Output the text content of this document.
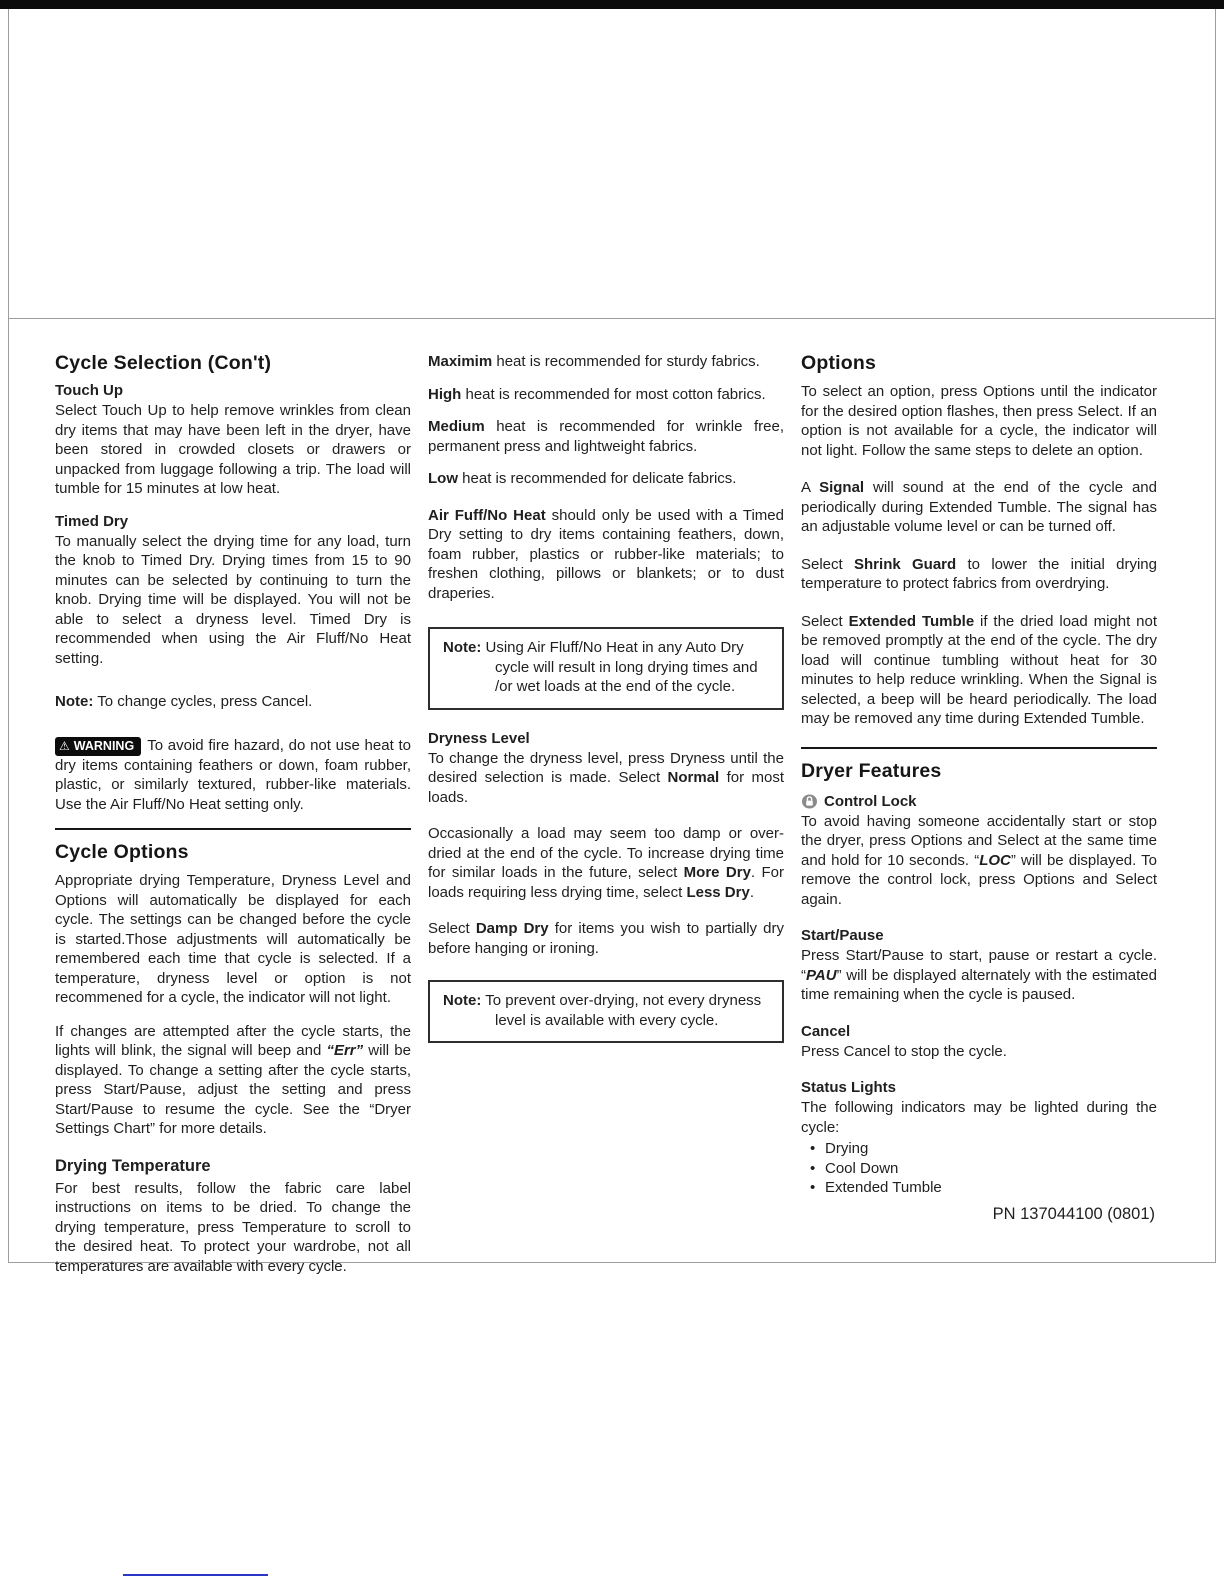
Cycle Selection (Con't)
Touch Up

Select Touch Up to help remove wrinkles from clean dry items that may have been left in the dryer, have been stored in crowded closets or drawers or unpacked from luggage following a trip. The load will tumble for 15 minutes at low heat.

Timed Dry

To manually select the drying time for any load, turn the knob to Timed Dry. Drying times from 15 to 90 minutes can be selected by continuing to turn the knob. Drying time will be displayed. You will not be able to select a dryness level. Timed Dry is recommended when using the Air Fluff/No Heat setting.

Note: To change cycles, press Cancel.

⚠ WARNING To avoid fire hazard, do not use heat to dry items containing feathers or down, foam rubber, plastic, or similarly textured, rubber-like materials. Use the Air Fluff/No Heat setting only.

Cycle Options

Appropriate drying Temperature, Dryness Level and Options will automatically be displayed for each cycle. The settings can be changed before the cycle is started.Those adjustments will automatically be remembered each time that cycle is selected. If a temperature, dryness level or option is not recommened for a cycle, the indicator will not light.

If changes are attempted after the cycle starts, the lights will blink, the signal will beep and “Err” will be displayed. To change a setting after the cycle starts, press Start/Pause, adjust the setting and press Start/Pause to resume the cycle. See the “Dryer Settings Chart” for more details.

Drying Temperature

For best results, follow the fabric care label instructions on items to be dried. To change the drying temperature, press Temperature to scroll to the desired heat. To protect your wardrobe, not all temperatures are available with every cycle.

Maximim heat is recommended for sturdy fabrics.

High heat is recommended for most cotton fabrics.

Medium heat is recommended for wrinkle free, permanent press and lightweight fabrics.

Low heat is recommended for delicate fabrics.

Air Fuff/No Heat should only be used with a Timed Dry setting to dry items containing feathers, down, foam rubber, plastics or rubber-like materials; to freshen clothing, pillows or blankets; or to dust draperies.

Note: Using Air Fluff/No Heat in any Auto Dry cycle will result in long drying times and /or wet loads at the end of the cycle.

Dryness Level

To change the dryness level, press Dryness until the desired selection is made. Select Normal for most loads.

Occasionally a load may seem too damp or over-dried at the end of the cycle. To increase drying time for similar loads in the future, select More Dry. For loads requiring less drying time, select Less Dry.

Select Damp Dry for items you wish to partially dry before hanging or ironing.

Note: To prevent over-drying, not every dryness level is available with every cycle.

Options

To select an option, press Options until the indicator for the desired option flashes, then press Select. If an option is not available for a cycle, the indicator will not light. Follow the same steps to delete an option.

A Signal will sound at the end of the cycle and periodically during Extended Tumble. The signal has an adjustable volume level or can be turned off.

Select Shrink Guard to lower the initial drying temperature to protect fabrics from overdrying.

Select Extended Tumble if the dried load might not be removed promptly at the end of the cycle. The dry load will continue tumbling without heat for 30 minutes to help reduce wrinkling. When the Signal is selected, a beep will be heard periodically. The load may be removed any time during Extended Tumble.

Dryer Features
Control Lock

To avoid having someone accidentally start or stop the dryer, press Options and Select at the same time and hold for 10 seconds. “LOC” will be displayed. To remove the control lock, press Options and Select again.

Start/Pause

Press Start/Pause to start, pause or restart a cycle. “PAU” will be displayed alternately with the estimated time remaining when the cycle is paused.

Cancel

Press Cancel to stop the cycle.

Status Lights

The following indicators may be lighted during the cycle:

• Drying
• Cool Down
• Extended Tumble
PN 137044100 (0801)
